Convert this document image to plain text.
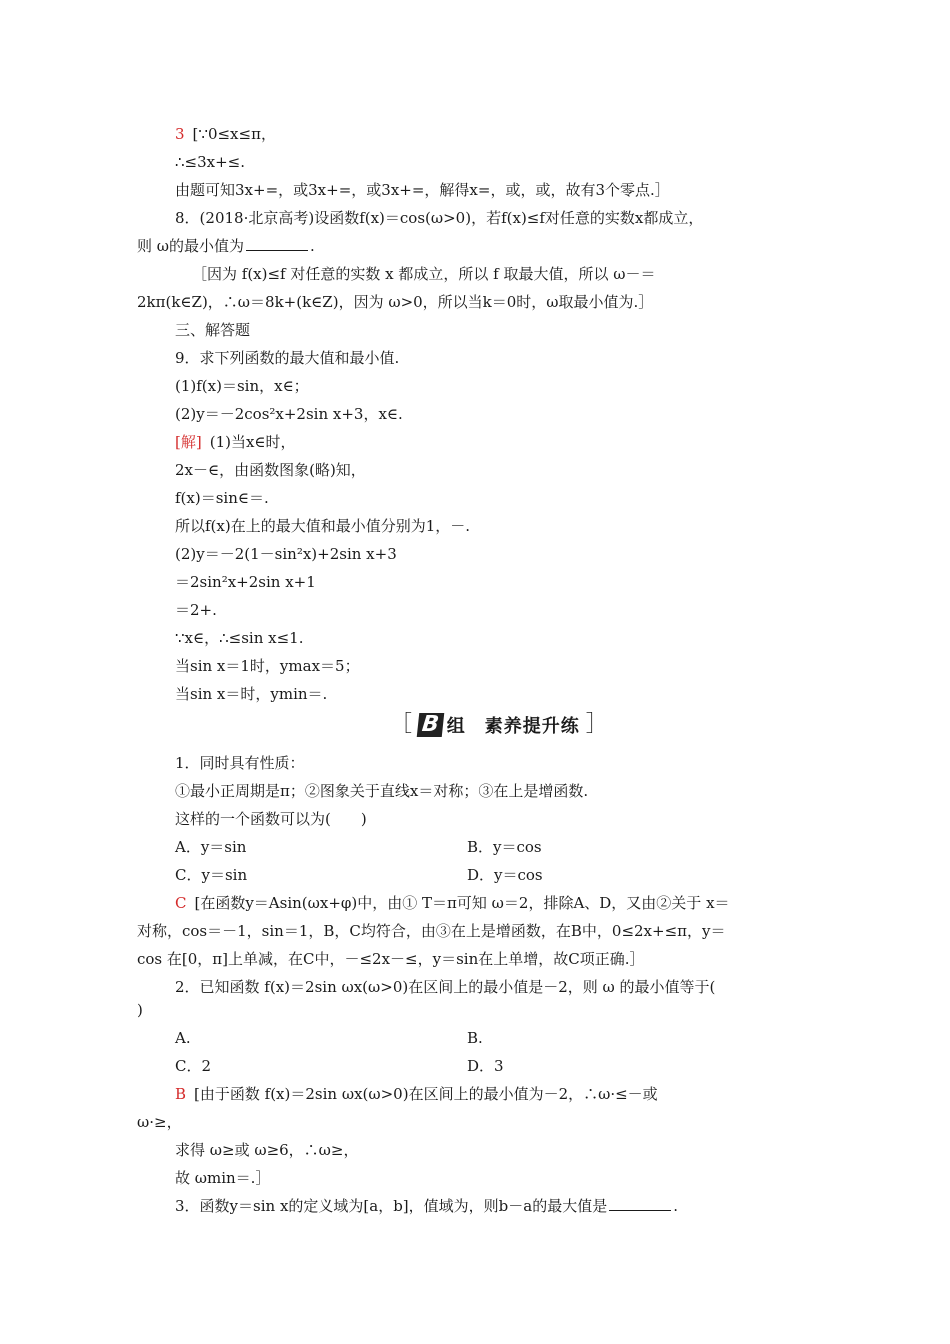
3 [∵0≤x≤π，
∴≤3x+≤.
由题可知3x+=，或3x+=，或3x+=，解得x=，或，或，故有3个零点.］
8．(2018·北京高考)设函数f(x)＝cos(ω>0)，若f(x)≤f对任意的实数x都成立，
则 ω的最小值为	.
［因为 f(x)≤f 对任意的实数 x 都成立，所以 f 取最大值，所以 ω－＝
2kπ(k∈Z)，∴ω＝8k+(k∈Z)，因为 ω>0，所以当k＝0时，ω取最小值为.］
三、解答题
9．求下列函数的最大值和最小值.
(1)f(x)＝sin，x∈；
(2)y＝－2cos²x+2sin x+3，x∈.
[解] (1)当x∈时，
2x－∈，由函数图象(略)知，
f(x)＝sin∈＝.
所以f(x)在上的最大值和最小值分别为1，－.
(2)y＝－2(1－sin²x)+2sin x+3
＝2sin²x+2sin x+1
＝2+.
∵x∈，∴≤sin x≤1.
当sin x＝1时，ymax＝5；
当sin x＝时，ymin＝.
1．同时具有性质：
①最小正周期是π；②图象关于直线x＝对称；③在上是增函数.
这样的一个函数可以为(　　)
A．y＝sin	B．y＝cos
C．y＝sin	D．y＝cos
C [在函数y＝Asin(ωx+φ)中，由① T＝π可知 ω＝2，排除A、D，又由②关于 x＝
对称，cos＝－1，sin＝1，B，C均符合，由③在上是增函数，在B中，0≤2x+≤π，y＝
cos 在[0，π]上单减，在C中，－≤2x－≤，y＝sin在上单增，故C项正确.］
2．已知函数 f(x)＝2sin ωx(ω>0)在区间上的最小值是－2，则 ω 的最小值等于(
)
A.	B.
C．2	D．3
B [由于函数 f(x)＝2sin ωx(ω>0)在区间上的最小值为－2，∴ω·≤－或
ω·≥，
求得 ω≥或 ω≥6，∴ω≥，
故 ωmin＝.］
3．函数y＝sin x的定义域为[a，b]，值域为，则b－a的最大值是	.
［ B 组　素养提升练 ］
